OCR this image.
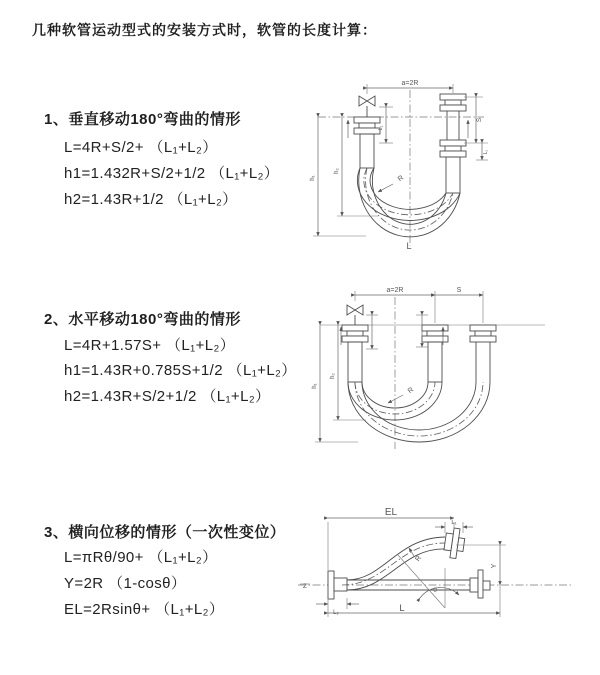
几种软管运动型式的安装方式时，软管的长度计算：
1、垂直移动180°弯曲的情形
L=4R+S/2+ （L₁+L₂）
h1=1.432R+S/2+1/2 （L₁+L₂）
h2=1.43R+1/2 （L₁+L₂）
2、水平移动180°弯曲的情形
L=4R+1.57S+ （L₁+L₂）
h1=1.43R+0.785S+1/2 （L₁+L₂）
h2=1.43R+S/2+1/2 （L₁+L₂）
3、横向位移的情形（一次性变位）
L=πRθ/90+ （L₁+L₂）
Y=2R （1-cosθ）
EL=2Rsinθ+ （L₁+L₂）
a=2R
L₁
S
L₁
h₁
h₂
R
L
a=2R	S
h₁
h₂
R
Z
EL
L₁
L₂	L
Y
R
θ
